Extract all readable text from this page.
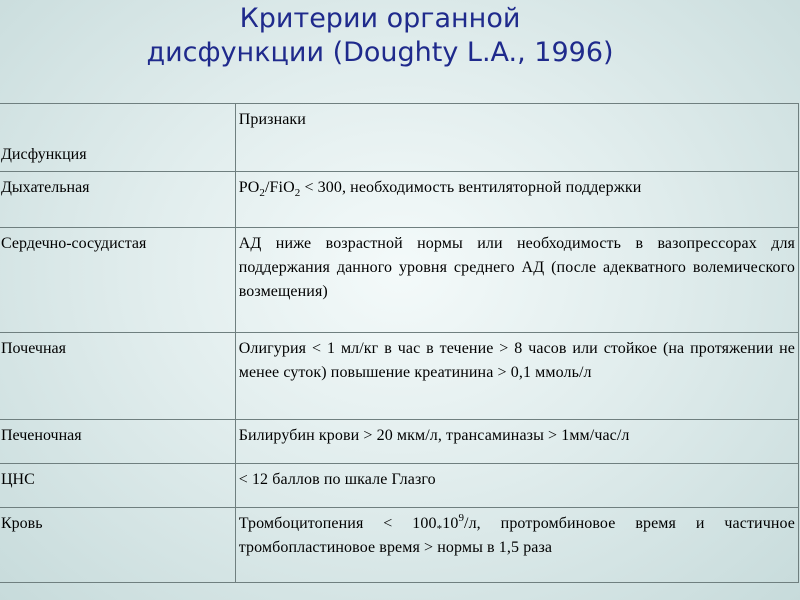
Критерии органной
дисфункции (Doughty L.A., 1996)
Дисфункция	Признаки
Дыхательная	$PO_2/FiO_2 < 300$, необходимость вентиляторной поддержки
Сердечно-сосудистая	АД ниже возрастной нормы или необходимость в вазопрессорах для поддержания данного уровня среднего АД (после адекватного волемического возмещения)
Почечная	Олигурия < 1 мл/кг в час в течение > 8 часов или стойкое (на протяжении не менее суток) повышение креатинина > 0,1 ммоль/л
Печеночная	Билирубин крови > 20 мкм/л, трансаминазы > 1мм/час/л
ЦНС	< 12 баллов по шкале Глазго
Кровь	Тромбоцитопения < $100_*10^9/л$, протромбиновое время и частичное тромбопластиновое время > нормы в 1,5 раза
